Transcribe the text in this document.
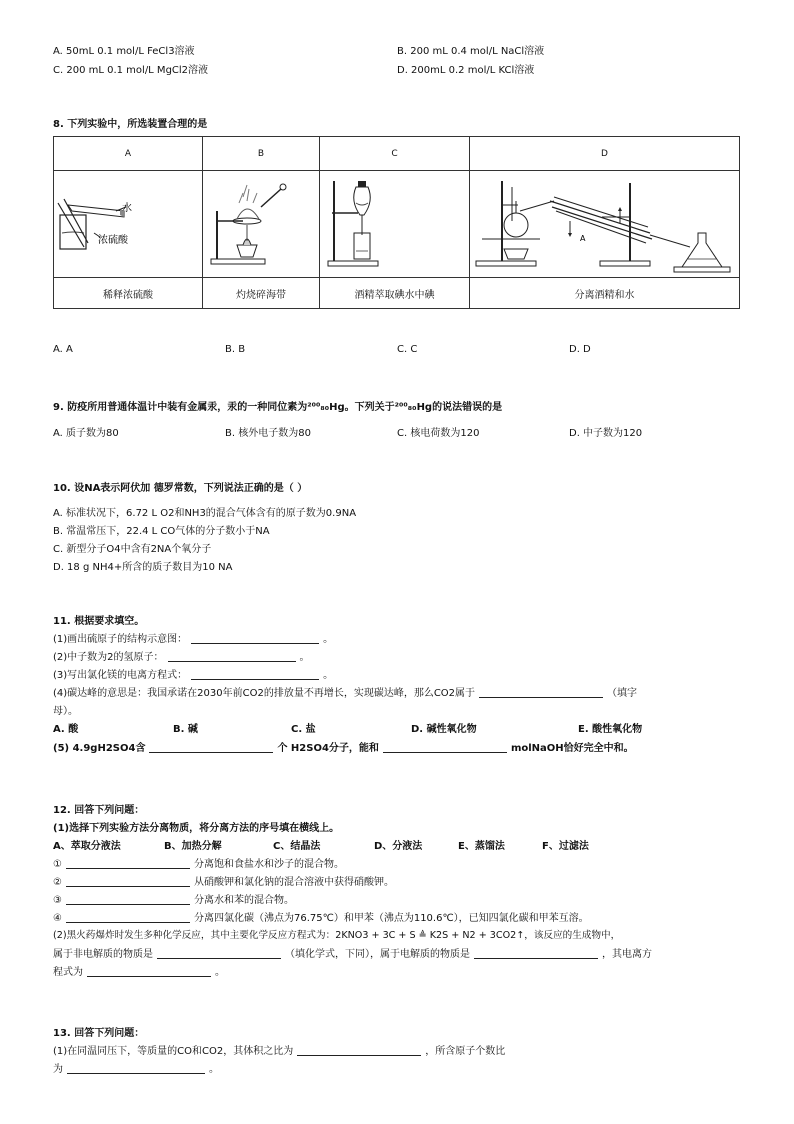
A. 50mL 0.1 mol/L FeCl3溶液	B. 200 mL 0.4 mol/L NaCl溶液
C. 200 mL 0.1 mol/L MgCl2溶液	D. 200mL 0.2 mol/L KCl溶液
8. 下列实验中，所选装置合理的是
A	B	C	D

水
浓硫酸			A

稀释浓硫酸	灼烧碎海带	酒精萃取碘水中碘	分离酒精和水
A. A	B. B	C. C	D. D
9. 防疫所用普通体温计中装有金属汞，汞的一种同位素为²⁰⁰₈₀Hg。下列关于²⁰⁰₈₀Hg的说法错误的是
A. 质子数为80	B. 核外电子数为80	C. 核电荷数为120	D. 中子数为120
10. 设NA表示阿伏加 德罗常数，下列说法正确的是（ ）
A. 标准状况下，6.72 L O2和NH3的混合气体含有的原子数为0.9NA
B. 常温常压下，22.4 L CO气体的分子数小于NA
C. 新型分子O4中含有2NA个氧分子
D. 18 g NH4+所含的质子数目为10 NA
11. 根据要求填空。
(1)画出硫原子的结构示意图：	。
(2)中子数为2的氢原子：	。
(3)写出氯化镁的电离方程式：	。
(4)碳达峰的意思是：我国承诺在2030年前CO2的排放量不再增长，实现碳达峰，那么CO2属于	（填字
母）。
A. 酸	B. 碱	C. 盐	D. 碱性氧化物	E. 酸性氧化物
(5) 4.9gH2SO4含	个 H2SO4分子，能和	molNaOH恰好完全中和。
12. 回答下列问题：
(1)选择下列实验方法分离物质，将分离方法的序号填在横线上。
A、萃取分液法	B、加热分解	C、结晶法	D、分液法	E、蒸馏法	F、过滤法
①	分离饱和食盐水和沙子的混合物。
②	从硝酸钾和氯化钠的混合溶液中获得硝酸钾。
③	分离水和苯的混合物。
④	分离四氯化碳（沸点为76.75℃）和甲苯（沸点为110.6℃），已知四氯化碳和甲苯互溶。
(2)黑火药爆炸时发生多种化学反应，其中主要化学反应方程式为：2KNO3 + 3C + S ≜ K2S + N2 + 3CO2↑，该反应的生成物中，
属于非电解质的物质是	（填化学式，下同），属于电解质的物质是	，其电离方
程式为	。
13. 回答下列问题：
(1)在同温同压下，等质量的CO和CO2，其体积之比为	，所含原子个数比
为	。
